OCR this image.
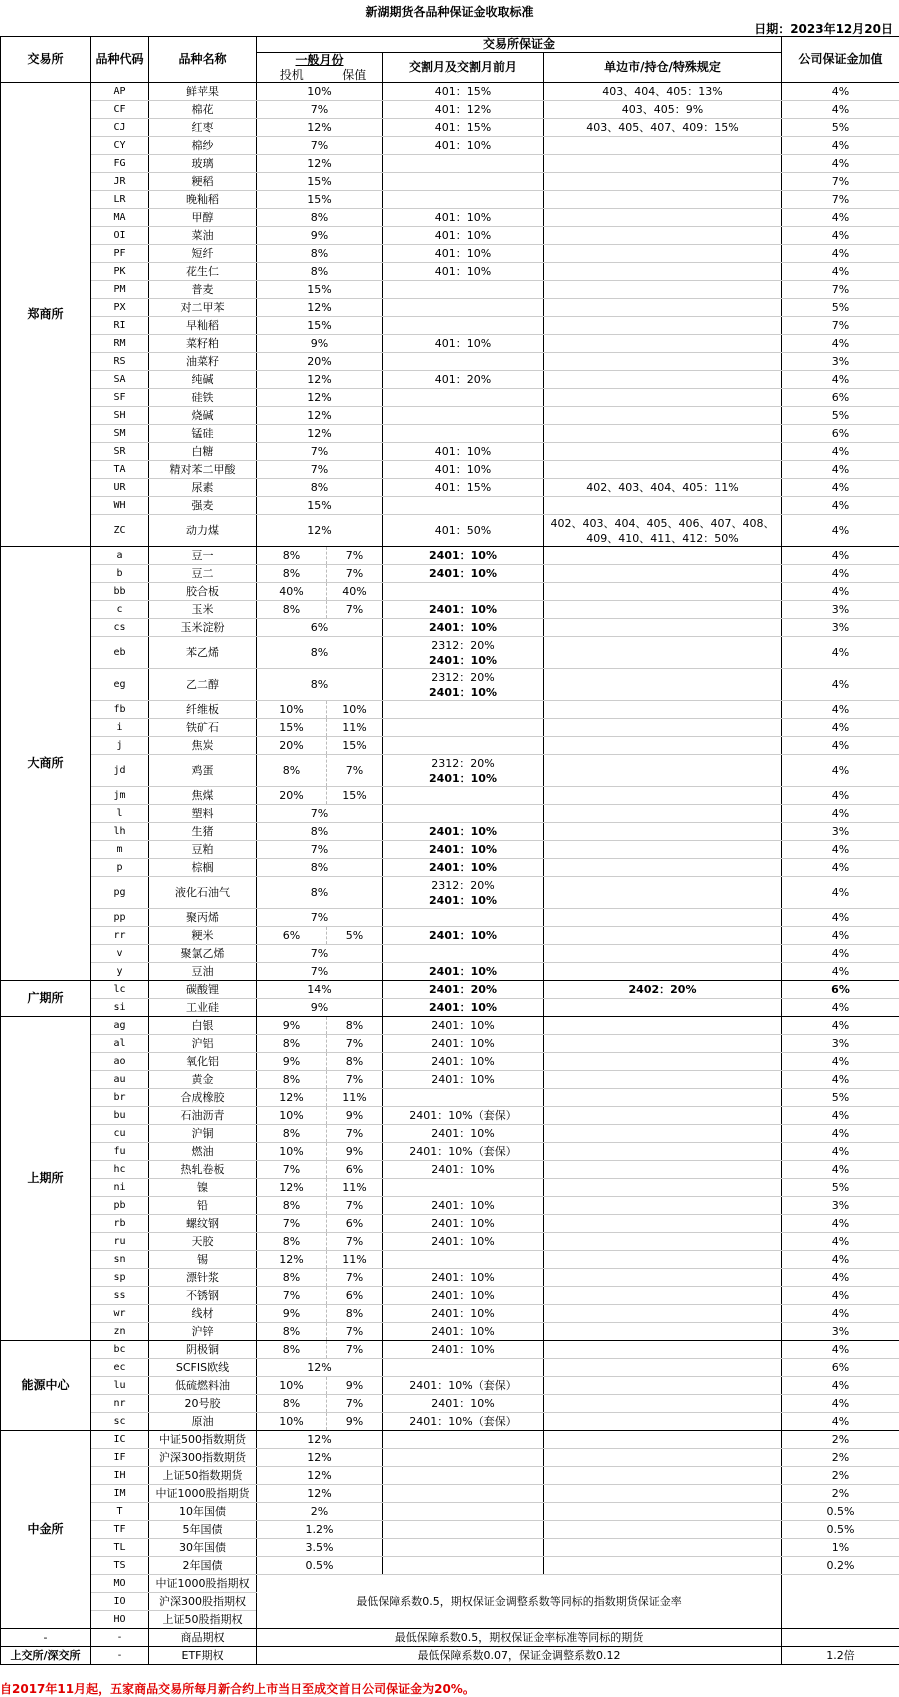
新湖期货各品种保证金收取标准
日期：2023年12月20日
交易所	品种代码	品种名称	交易所保证金				公司保证金加值
			一般月份		交割月及交割月前月	单边市/持仓/特殊规定	
			投机	保值			
郑商所	AP	鲜苹果	10%		401：15%	403、404、405：13%	4%
	CF	棉花	7%		401：12%	403、405：9%	4%
	CJ	红枣	12%		401：15%	403、405、407、409：15%	5%
	CY	棉纱	7%		401：10%		4%
	FG	玻璃	12%				4%
	JR	粳稻	15%				7%
	LR	晚籼稻	15%				7%
	MA	甲醇	8%		401：10%		4%
	OI	菜油	9%		401：10%		4%
	PF	短纤	8%		401：10%		4%
	PK	花生仁	8%		401：10%		4%
	PM	普麦	15%				7%
	PX	对二甲苯	12%				5%
	RI	早籼稻	15%				7%
	RM	菜籽粕	9%		401：10%		4%
	RS	油菜籽	20%				3%
	SA	纯碱	12%		401：20%		4%
	SF	硅铁	12%				6%
	SH	烧碱	12%				5%
	SM	锰硅	12%				6%
	SR	白糖	7%		401：10%		4%
	TA	精对苯二甲酸	7%		401：10%		4%
	UR	尿素	8%		401：15%	402、403、404、405：11%	4%
	WH	强麦	15%				4%
	ZC	动力煤	12%		401：50%	402、403、404、405、406、407、408、409、410、411、412：50%	4%
大商所	a	豆一	8%	7%	2401：10%		4%
	b	豆二	8%	7%	2401：10%		4%
	bb	胶合板	40%	40%			4%
	c	玉米	8%	7%	2401：10%		3%
	cs	玉米淀粉	6%		2401：10%		3%
	eb	苯乙烯	8%		2312：20%
2401：10%		4%
	eg	乙二醇	8%		2312：20%
2401：10%		4%
	fb	纤维板	10%	10%			4%
	i	铁矿石	15%	11%			4%
	j	焦炭	20%	15%			4%
	jd	鸡蛋	8%	7%	2312：20%
2401：10%		4%
	jm	焦煤	20%	15%			4%
	l	塑料	7%				4%
	lh	生猪	8%		2401：10%		3%
	m	豆粕	7%		2401：10%		4%
	p	棕榈	8%		2401：10%		4%
	pg	液化石油气	8%		2312：20%
2401：10%		4%
	pp	聚丙烯	7%				4%
	rr	粳米	6%	5%	2401：10%		4%
	v	聚氯乙烯	7%				4%
	y	豆油	7%		2401：10%		4%
广期所	lc	碳酸锂	14%		2401：20%	2402：20%	6%
	si	工业硅	9%		2401：10%		4%
上期所	ag	白银	9%	8%	2401：10%		4%
	al	沪铝	8%	7%	2401：10%		3%
	ao	氧化铝	9%	8%	2401：10%		4%
	au	黄金	8%	7%	2401：10%		4%
	br	合成橡胶	12%	11%			5%
	bu	石油沥青	10%	9%	2401：10%（套保）		4%
	cu	沪铜	8%	7%	2401：10%		4%
	fu	燃油	10%	9%	2401：10%（套保）		4%
	hc	热轧卷板	7%	6%	2401：10%		4%
	ni	镍	12%	11%			5%
	pb	铅	8%	7%	2401：10%		3%
	rb	螺纹钢	7%	6%	2401：10%		4%
	ru	天胶	8%	7%	2401：10%		4%
	sn	锡	12%	11%			4%
	sp	漂针浆	8%	7%	2401：10%		4%
	ss	不锈钢	7%	6%	2401：10%		4%
	wr	线材	9%	8%	2401：10%		4%
	zn	沪锌	8%	7%	2401：10%		3%
能源中心	bc	阴极铜	8%	7%	2401：10%		4%
	ec	SCFIS欧线	12%				6%
	lu	低硫燃料油	10%	9%	2401：10%（套保）		4%
	nr	20号胶	8%	7%	2401：10%		4%
	sc	原油	10%	9%	2401：10%（套保）		4%
中金所	IC	中证500指数期货	12%				2%
	IF	沪深300指数期货	12%				2%
	IH	上证50指数期货	12%				2%
	IM	中证1000股指期货	12%				2%
	T	10年国债	2%				0.5%
	TF	5年国债	1.2%				0.5%
	TL	30年国债	3.5%				1%
	TS	2年国债	0.5%				0.2%
	MO	中证1000股指期权	最低保障系数0.5，期权保证金调整系数等同标的指数期货保证金率				
	IO	沪深300股指期权					
	HO	上证50股指期权					
-	-	商品期权	最低保障系数0.5，期权保证金率标准等同标的期货				
上交所/深交所	-	ETF期权	最低保障系数0.07，保证金调整系数0.12				1.2倍
自2017年11月起，五家商品交易所每月新合约上市当日至成交首日公司保证金为20%。
